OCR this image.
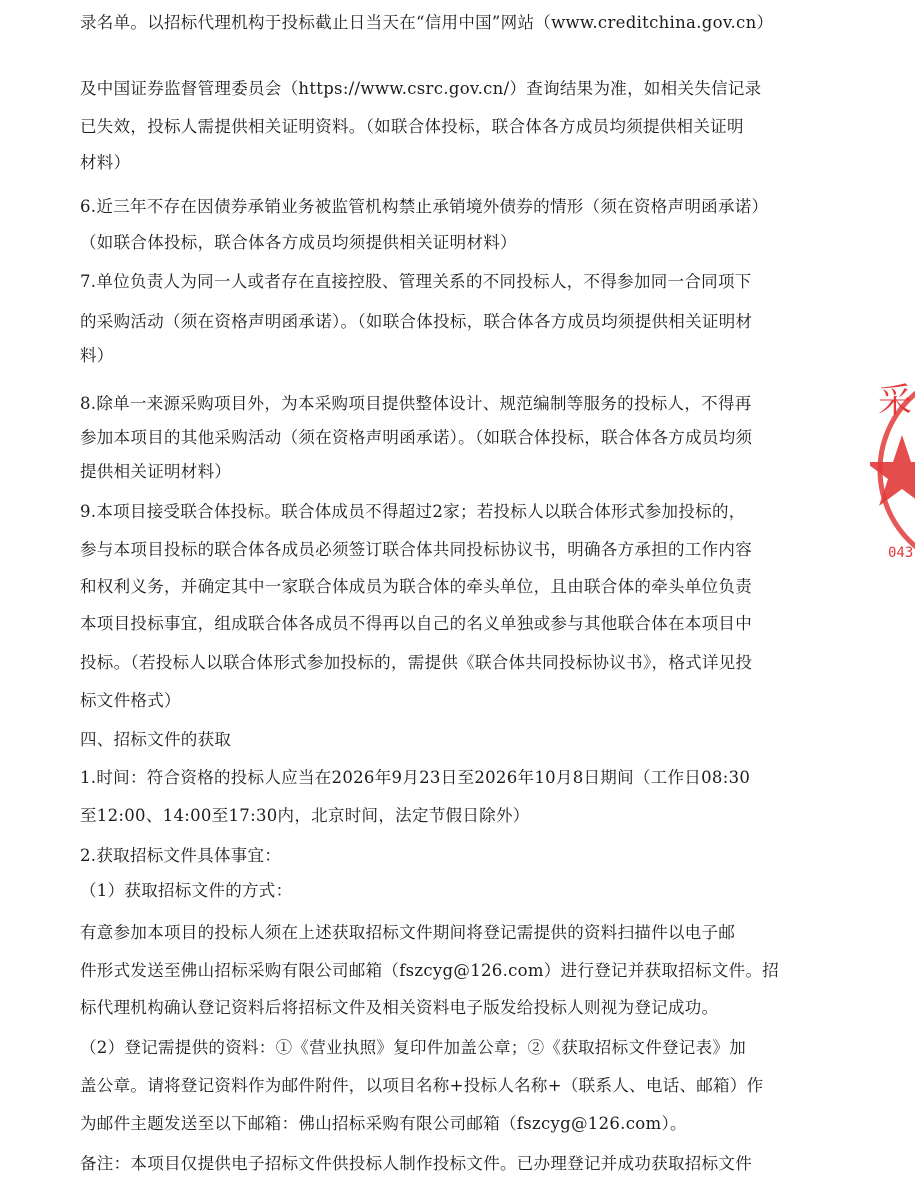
录名单。以招标代理机构于投标截止日当天在“信用中国”网站（www.creditchina.gov.cn）
及中国证券监督管理委员会（https://www.csrc.gov.cn/）查询结果为准，如相关失信记录
已失效，投标人需提供相关证明资料。（如联合体投标，联合体各方成员均须提供相关证明
材料）
6.近三年不存在因债券承销业务被监管机构禁止承销境外债券的情形（须在资格声明函承诺）
（如联合体投标，联合体各方成员均须提供相关证明材料）
7.单位负责人为同一人或者存在直接控股、管理关系的不同投标人，不得参加同一合同项下
的采购活动（须在资格声明函承诺）。（如联合体投标，联合体各方成员均须提供相关证明材
料）
8.除单一来源采购项目外，为本采购项目提供整体设计、规范编制等服务的投标人，不得再
参加本项目的其他采购活动（须在资格声明函承诺）。（如联合体投标，联合体各方成员均须
提供相关证明材料）
9.本项目接受联合体投标。联合体成员不得超过2家；若投标人以联合体形式参加投标的，
参与本项目投标的联合体各成员必须签订联合体共同投标协议书，明确各方承担的工作内容
和权利义务，并确定其中一家联合体成员为联合体的牵头单位，且由联合体的牵头单位负责
本项目投标事宜，组成联合体各成员不得再以自己的名义单独或参与其他联合体在本项目中
投标。（若投标人以联合体形式参加投标的，需提供《联合体共同投标协议书》，格式详见投
标文件格式）
四、招标文件的获取
1.时间：符合资格的投标人应当在2026年9月23日至2026年10月8日期间（工作日08:30
至12:00、14:00至17:30内，北京时间，法定节假日除外）
2.获取招标文件具体事宜：
（1）获取招标文件的方式：
有意参加本项目的投标人须在上述获取招标文件期间将登记需提供的资料扫描件以电子邮
件形式发送至佛山招标采购有限公司邮箱（fszcyg@126.com）进行登记并获取招标文件。招
标代理机构确认登记资料后将招标文件及相关资料电子版发给投标人则视为登记成功。
（2）登记需提供的资料：①《营业执照》复印件加盖公章；②《获取招标文件登记表》加
盖公章。请将登记资料作为邮件附件，以项目名称+投标人名称+（联系人、电话、邮箱）作
为邮件主题发送至以下邮箱：佛山招标采购有限公司邮箱（fszcyg@126.com）。
备注：本项目仅提供电子招标文件供投标人制作投标文件。已办理登记并成功获取招标文件
采
043
